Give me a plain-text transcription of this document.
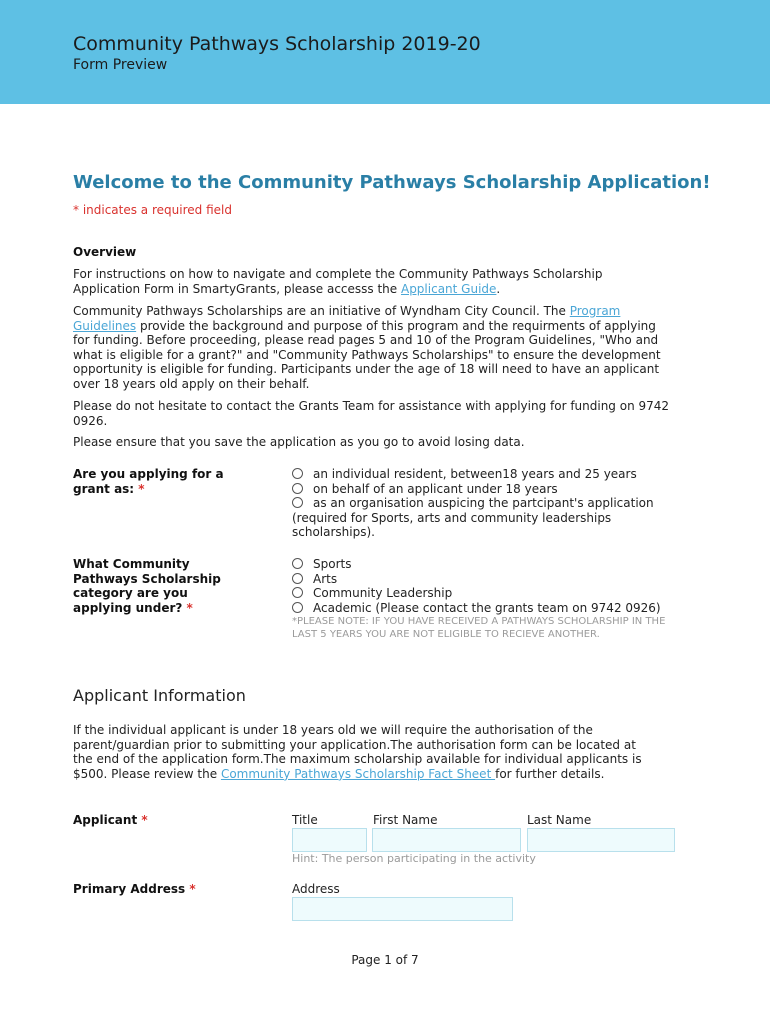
Community Pathways Scholarship 2019-20
Form Preview
Welcome to the Community Pathways Scholarship Application!
* indicates a required field
Overview

For instructions on how to navigate and complete the Community Pathways Scholarship Application Form in SmartyGrants, please accesss the Applicant Guide.

Community Pathways Scholarships are an initiative of Wyndham City Council. The Program Guidelines provide the background and purpose of this program and the requirments of applying for funding. Before proceeding, please read pages 5 and 10 of the Program Guidelines, "Who and what is eligible for a grant?" and "Community Pathways Scholarships" to ensure the development opportunity is eligible for funding. Participants under the age of 18 will need to have an applicant over 18 years old apply on their behalf.

Please do not hesitate to contact the Grants Team for assistance with applying for funding on 9742 0926.

Please ensure that you save the application as you go to avoid losing data.

Are you applying for a grant as: *
an individual resident, between18 years and 25 years
on behalf of an applicant under 18 years
as an organisation auspicing the partcipant's application (required for Sports, arts and community leaderships scholarships).
What Community Pathways Scholarship category are you applying under? *
Sports
Arts
Community Leadership
Academic (Please contact the grants team on 9742 0926)
*PLEASE NOTE: IF YOU HAVE RECEIVED A PATHWAYS SCHOLARSHIP IN THE LAST 5 YEARS YOU ARE NOT ELIGIBLE TO RECIEVE ANOTHER.
Applicant Information

If the individual applicant is under 18 years old we will require the authorisation of the parent/guardian prior to submitting your application.The authorisation form can be located at the end of the application form.The maximum scholarship available for individual applicants is $500. Please review the Community Pathways Scholarship Fact Sheet for further details.

Applicant *	Title	First Name	Last Name
Hint: The person participating in the activity
Primary Address *	Address
Page 1 of 7
